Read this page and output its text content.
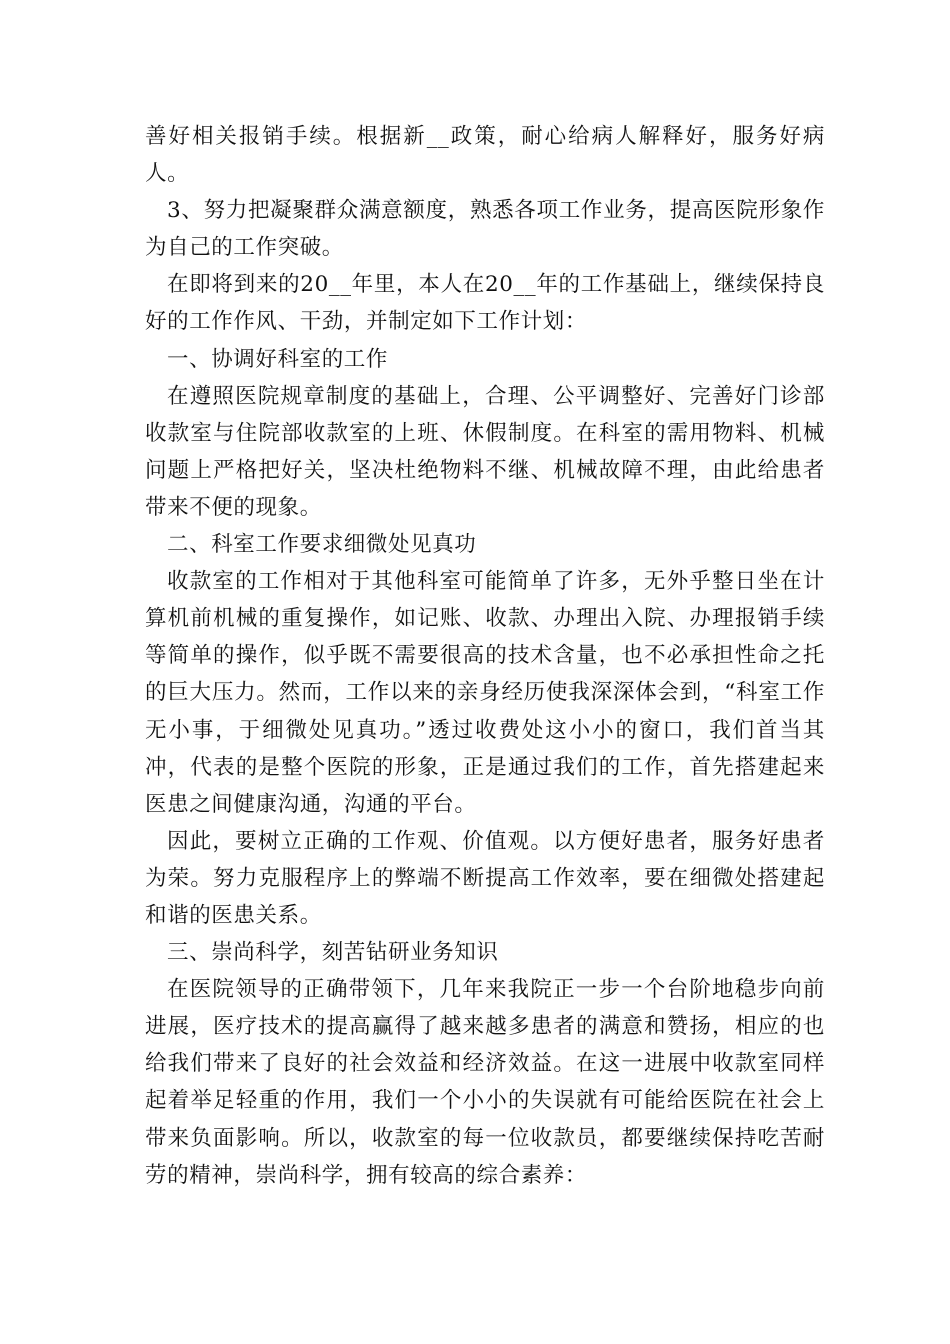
善好相关报销手续。根据新__政策，耐心给病人解释好，服务好病人。

3、努力把凝聚群众满意额度，熟悉各项工作业务，提高医院形象作为自己的工作突破。

在即将到来的20__年里，本人在20__年的工作基础上，继续保持良好的工作作风、干劲，并制定如下工作计划：

一、协调好科室的工作

在遵照医院规章制度的基础上，合理、公平调整好、完善好门诊部收款室与住院部收款室的上班、休假制度。在科室的需用物料、机械问题上严格把好关，坚决杜绝物料不继、机械故障不理，由此给患者带来不便的现象。

二、科室工作要求细微处见真功

收款室的工作相对于其他科室可能简单了许多，无外乎整日坐在计算机前机械的重复操作，如记账、收款、办理出入院、办理报销手续等简单的操作，似乎既不需要很高的技术含量，也不必承担性命之托的巨大压力。然而，工作以来的亲身经历使我深深体会到，“科室工作无小事，于细微处见真功。”透过收费处这小小的窗口，我们首当其冲，代表的是整个医院的形象，正是通过我们的工作，首先搭建起来医患之间健康沟通，沟通的平台。

因此，要树立正确的工作观、价值观。以方便好患者，服务好患者为荣。努力克服程序上的弊端不断提高工作效率，要在细微处搭建起和谐的医患关系。

三、崇尚科学，刻苦钻研业务知识

在医院领导的正确带领下，几年来我院正一步一个台阶地稳步向前进展，医疗技术的提高赢得了越来越多患者的满意和赞扬，相应的也给我们带来了良好的社会效益和经济效益。在这一进展中收款室同样起着举足轻重的作用，我们一个小小的失误就有可能给医院在社会上带来负面影响。所以，收款室的每一位收款员，都要继续保持吃苦耐劳的精神，崇尚科学，拥有较高的综合素养：
